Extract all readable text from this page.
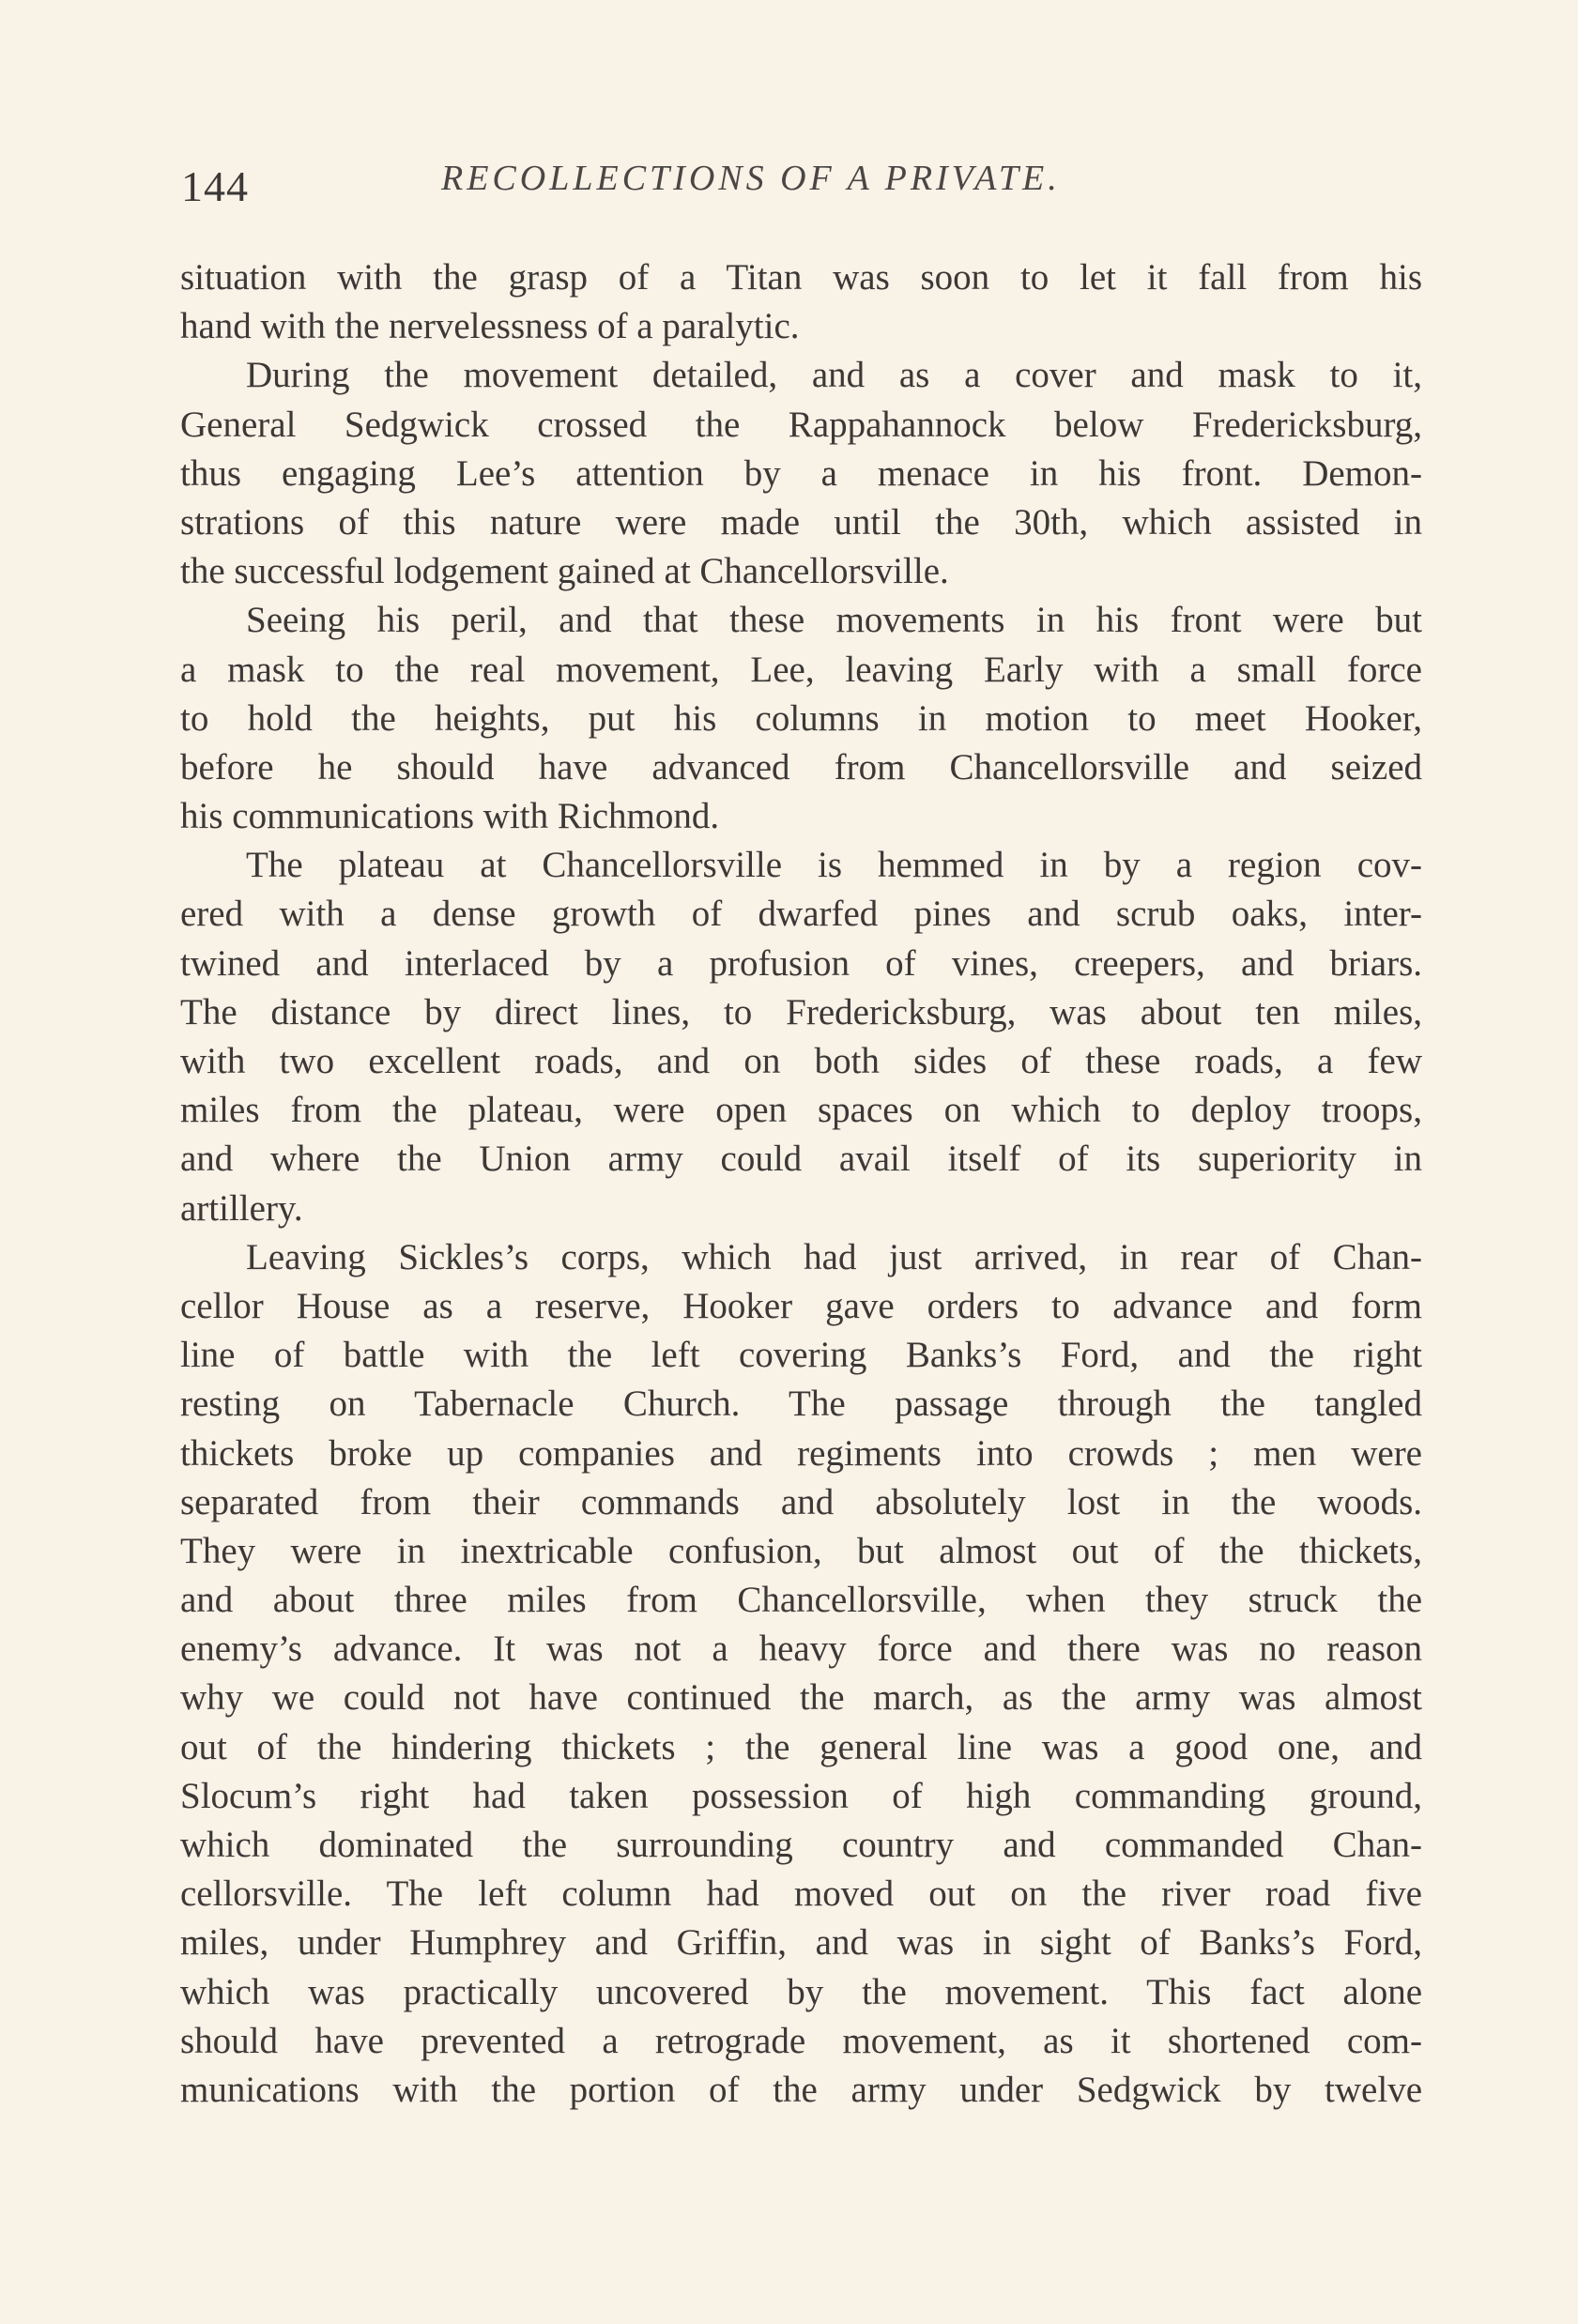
144	RECOLLECTIONS OF A PRIVATE.
situation with the grasp of a Titan was soon to let it fall from his
hand with the nervelessness of a paralytic.
During the movement detailed, and as a cover and mask to it,
General Sedgwick crossed the Rappahannock below Fredericksburg,
thus engaging Lee’s attention by a menace in his front. Demon-
strations of this nature were made until the 30th, which assisted in
the successful lodgement gained at Chancellorsville.
Seeing his peril, and that these movements in his front were but
a mask to the real movement, Lee, leaving Early with a small force
to hold the heights, put his columns in motion to meet Hooker,
before he should have advanced from Chancellorsville and seized
his communications with Richmond.
The plateau at Chancellorsville is hemmed in by a region cov-
ered with a dense growth of dwarfed pines and scrub oaks, inter-
twined and interlaced by a profusion of vines, creepers, and briars.
The distance by direct lines, to Fredericksburg, was about ten miles,
with two excellent roads, and on both sides of these roads, a few
miles from the plateau, were open spaces on which to deploy troops,
and where the Union army could avail itself of its superiority in
artillery.
Leaving Sickles’s corps, which had just arrived, in rear of Chan-
cellor House as a reserve, Hooker gave orders to advance and form
line of battle with the left covering Banks’s Ford, and the right
resting on Tabernacle Church. The passage through the tangled
thickets broke up companies and regiments into crowds ; men were
separated from their commands and absolutely lost in the woods.
They were in inextricable confusion, but almost out of the thickets,
and about three miles from Chancellorsville, when they struck the
enemy’s advance. It was not a heavy force and there was no reason
why we could not have continued the march, as the army was almost
out of the hindering thickets ; the general line was a good one, and
Slocum’s right had taken possession of high commanding ground,
which dominated the surrounding country and commanded Chan-
cellorsville. The left column had moved out on the river road five
miles, under Humphrey and Griffin, and was in sight of Banks’s Ford,
which was practically uncovered by the movement. This fact alone
should have prevented a retrograde movement, as it shortened com-
munications with the portion of the army under Sedgwick by twelve
